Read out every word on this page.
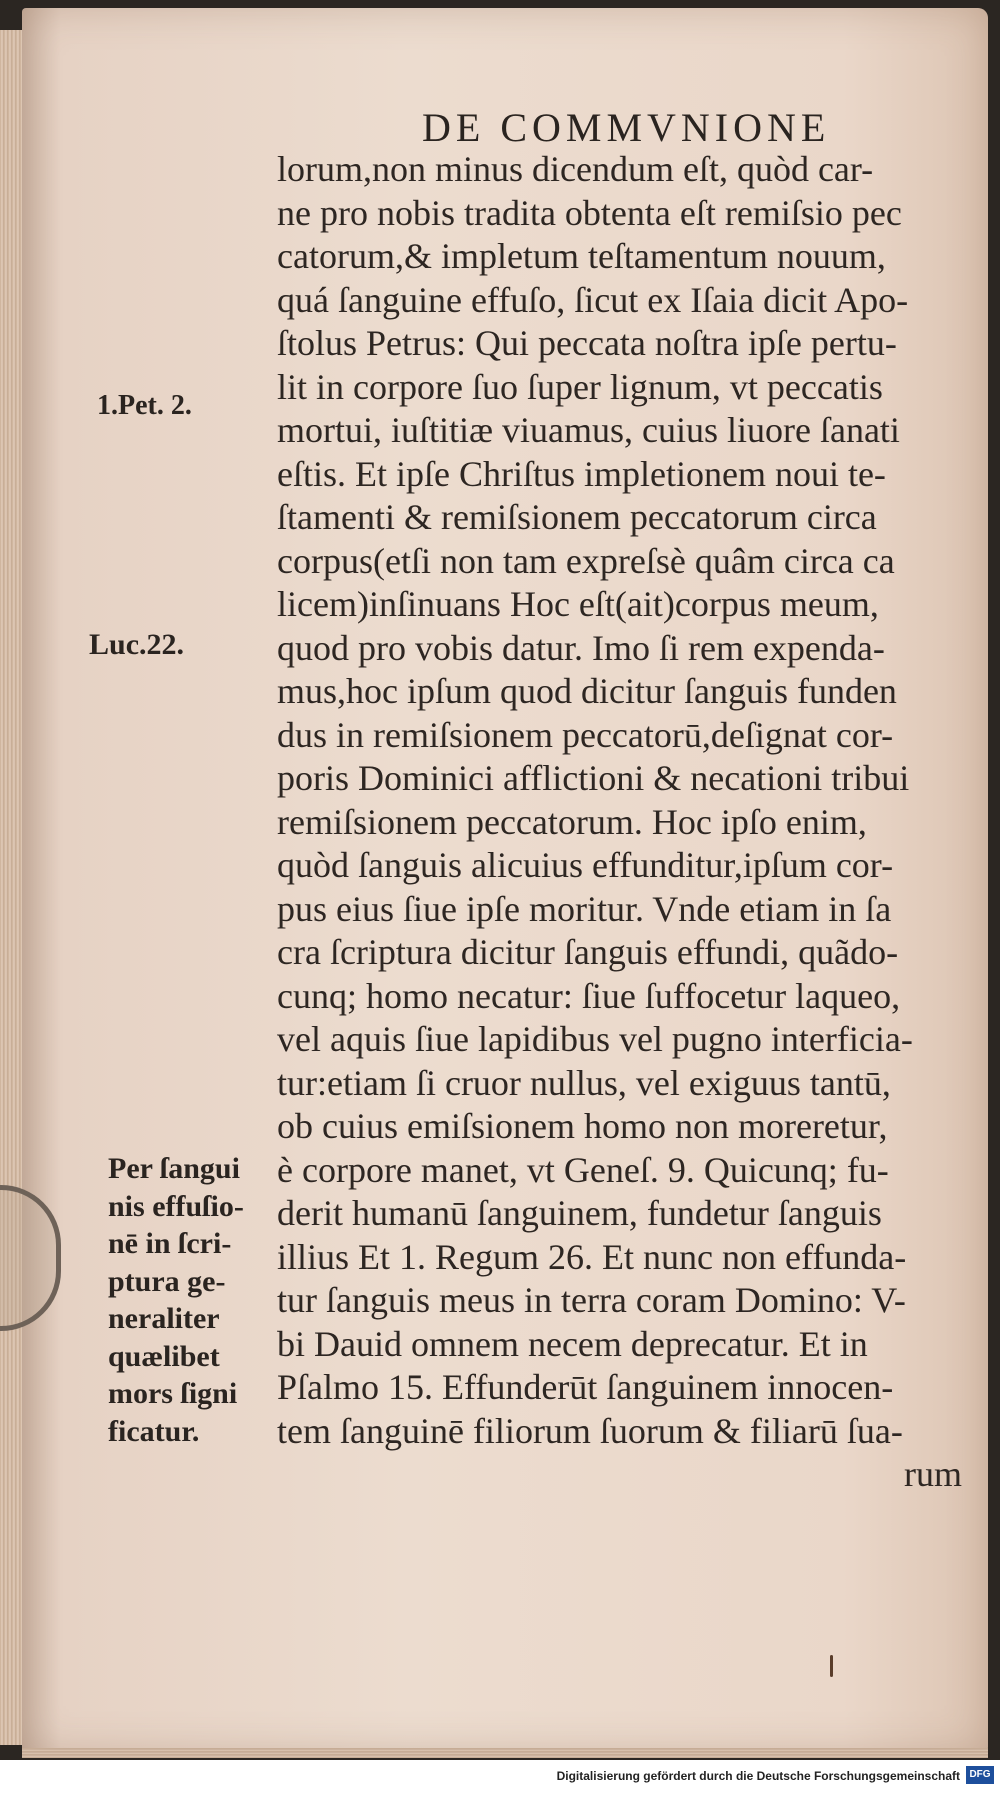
DE COMMVNIONE
lorum,non minus dicendum eſt, quòd car-
ne pro nobis tradita obtenta eſt remiſsio pec
catorum,& impletum teſtamentum nouum,
quá ſanguine effuſo, ſicut ex Iſaia dicit Apo-
ſtolus Petrus: Qui peccata noſtra ipſe pertu-
lit in corpore ſuo ſuper lignum, vt peccatis
mortui, iuſtitiæ viuamus, cuius liuore ſanati
eſtis. Et ipſe Chriſtus impletionem noui te-
ſtamenti & remiſsionem peccatorum circa
corpus(etſi non tam expreſsè quâm circa ca
licem)inſinuans Hoc eſt(ait)corpus meum,
quod pro vobis datur. Imo ſi rem expenda-
mus,hoc ipſum quod dicitur ſanguis funden
dus in remiſsionem peccatorū,deſignat cor-
poris Dominici afflictioni & necationi tribui
remiſsionem peccatorum. Hoc ipſo enim,
quòd ſanguis alicuius effunditur,ipſum cor-
pus eius ſiue ipſe moritur. Vnde etiam in ſa
cra ſcriptura dicitur ſanguis effundi, quãdo-
cunq; homo necatur: ſiue ſuffocetur laqueo,
vel aquis ſiue lapidibus vel pugno interficia-
tur:etiam ſi cruor nullus, vel exiguus tantū,
ob cuius emiſsionem homo non moreretur,
è corpore manet, vt Geneſ. 9. Quicunq; fu-
derit humanū ſanguinem, fundetur ſanguis
illius Et 1. Regum 26. Et nunc non effunda-
tur ſanguis meus in terra coram Domino: V-
bi Dauid omnem necem deprecatur. Et in
Pſalmo 15. Effunderūt ſanguinem innocen-
tem ſanguinē filiorum ſuorum & filiarū ſua-
rum
1.Pet. 2.
Luc.22.
Per ſangui
nis effuſio-
nē in ſcri-
ptura ge-
neraliter
quælibet
mors ſigni
ficatur.
Digitalisierung gefördert durch die Deutsche Forschungsgemeinschaft DFG
